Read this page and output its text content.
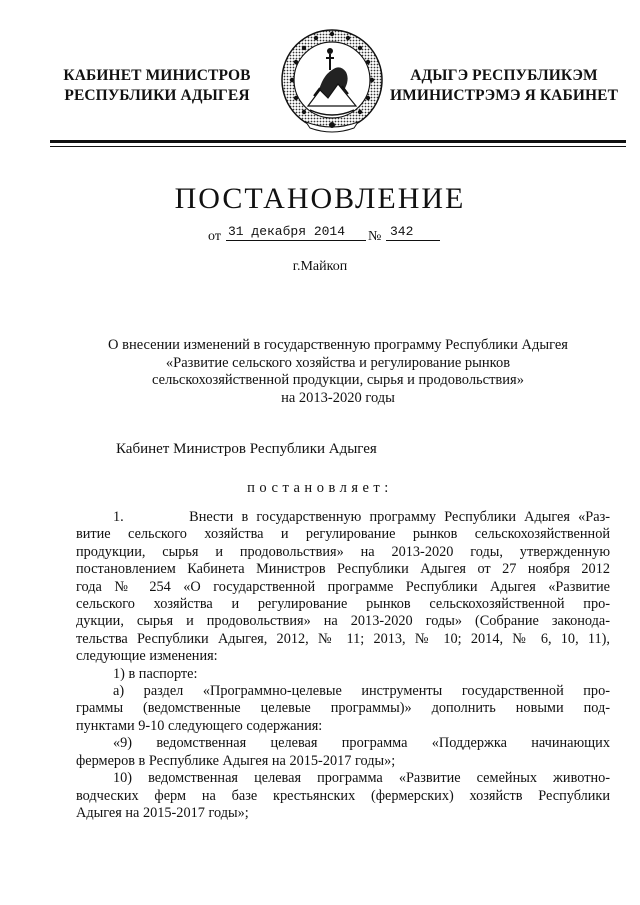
КАБИНЕТ МИНИСТРОВ
РЕСПУБЛИКИ АДЫГЕЯ
АДЫГЭ РЕСПУБЛИКЭМ
ИМИНИСТРЭМЭ Я КАБИНЕТ
ПОСТАНОВЛЕНИЕ
от 31 декабря 2014	№ 342
г.Майкоп
О внесении изменений в государственную программу Республики Адыгея
«Развитие сельского хозяйства и регулирование рынков
сельскохозяйственной продукции, сырья и продовольствия»
на 2013-2020 годы
Кабинет Министров Республики Адыгея
постановляет:
1.        Внести в государственную программу Республики Адыгея «Раз-
витие сельского хозяйства и регулирование рынков сельскохозяйственной
продукции, сырья и продовольствия» на 2013-2020 годы, утвержденную
постановлением Кабинета Министров Республики Адыгея от 27 ноября 2012
года № 254 «О государственной программе Республики Адыгея «Развитие
сельского хозяйства и регулирование рынков сельскохозяйственной про-
дукции, сырья и продовольствия» на 2013-2020 годы» (Собрание законода-
тельства Республики Адыгея, 2012, № 11; 2013, № 10; 2014, № 6, 10, 11),
следующие изменения:
1) в паспорте:
а) раздел «Программно-целевые инструменты государственной про-
граммы (ведомственные целевые программы)» дополнить новыми под-
пунктами 9-10 следующего содержания:
«9) ведомственная целевая программа «Поддержка начинающих
фермеров в Республике Адыгея на 2015-2017 годы»;
10) ведомственная целевая программа «Развитие семейных животно-
водческих ферм на базе крестьянских (фермерских) хозяйств Республики
Адыгея на 2015-2017 годы»;
